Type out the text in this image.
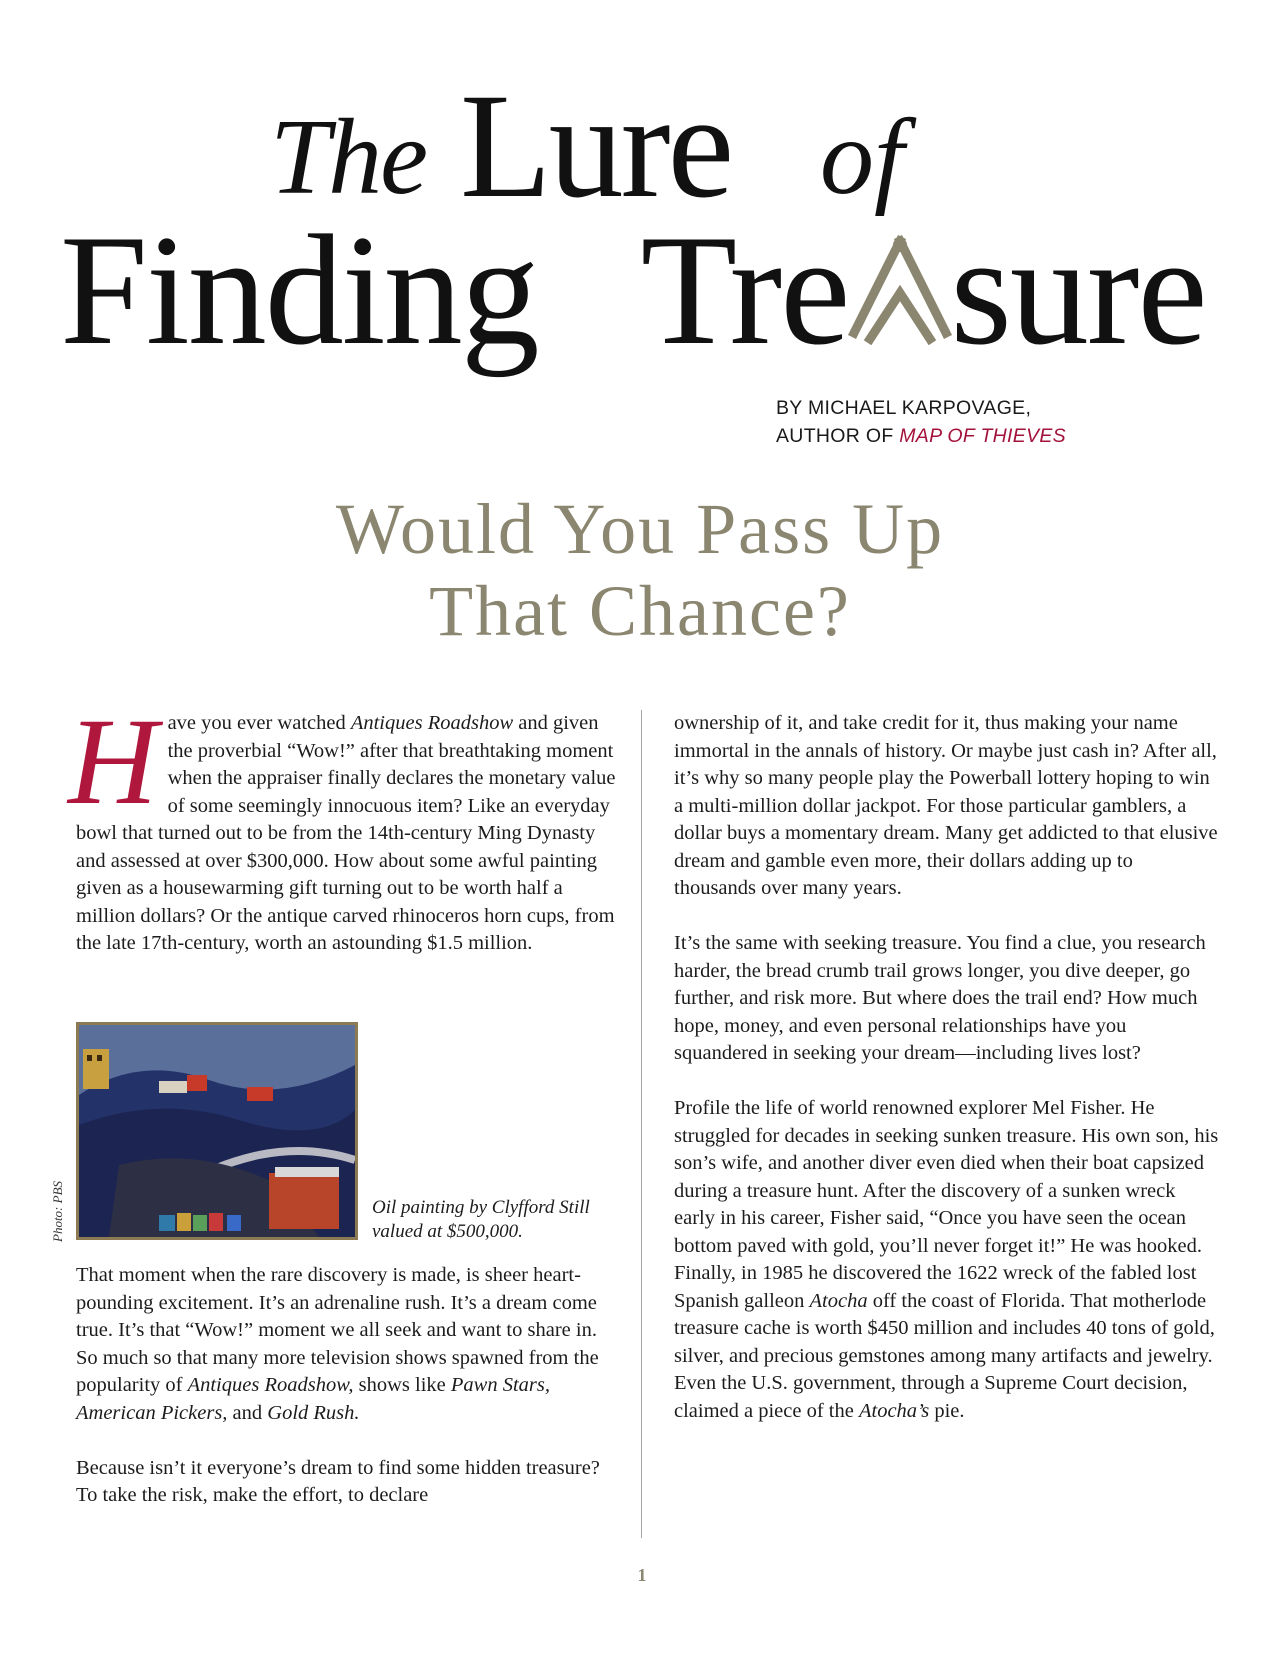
The Lure of
Finding Tre sure
BY MICHAEL KARPOVAGE,
AUTHOR OF MAP OF THIEVES
Would You Pass Up
That Chance?

Have you ever watched Antiques Roadshow and given the proverbial “Wow!” after that breathtaking moment when the appraiser finally declares the monetary value of some seemingly innocuous item? Like an everyday bowl that turned out to be from the 14th-century Ming Dynasty and assessed at over $300,000. How about some awful painting given as a housewarming gift turning out to be worth half a million dollars? Or the antique carved rhinoceros horn cups, from the late 17th-century, worth an astounding $1.5 million.

That moment when the rare discovery is made, is sheer heart-pounding excitement. It’s an adrenaline rush. It’s a dream come true. It’s that “Wow!” moment we all seek and want to share in. So much so that many more television shows spawned from the popularity of Antiques Roadshow, shows like Pawn Stars, American Pickers, and Gold Rush.

Because isn’t it everyone’s dream to find some hidden treasure? To take the risk, make the effort, to declare

Photo: PBS	Oil painting by Clyfford Still
valued at $500,000.

ownership of it, and take credit for it, thus making your name immortal in the annals of history. Or maybe just cash in? After all, it’s why so many people play the Powerball lottery hoping to win a multi-million dollar jackpot. For those particular gamblers, a dollar buys a momentary dream. Many get addicted to that elusive dream and gamble even more, their dollars adding up to thousands over many years.

It’s the same with seeking treasure. You find a clue, you research harder, the bread crumb trail grows longer, you dive deeper, go further, and risk more. But where does the trail end? How much hope, money, and even personal relationships have you squandered in seeking your dream—including lives lost?

Profile the life of world renowned explorer Mel Fisher. He struggled for decades in seeking sunken treasure. His own son, his son’s wife, and another diver even died when their boat capsized during a treasure hunt. After the discovery of a sunken wreck early in his career, Fisher said, “Once you have seen the ocean bottom paved with gold, you’ll never forget it!” He was hooked. Finally, in 1985 he discovered the 1622 wreck of the fabled lost Spanish galleon Atocha off the coast of Florida. That motherlode treasure cache is worth $450 million and includes 40 tons of gold, silver, and precious gemstones among many artifacts and jewelry. Even the U.S. government, through a Supreme Court decision, claimed a piece of the Atocha’s pie.

1
